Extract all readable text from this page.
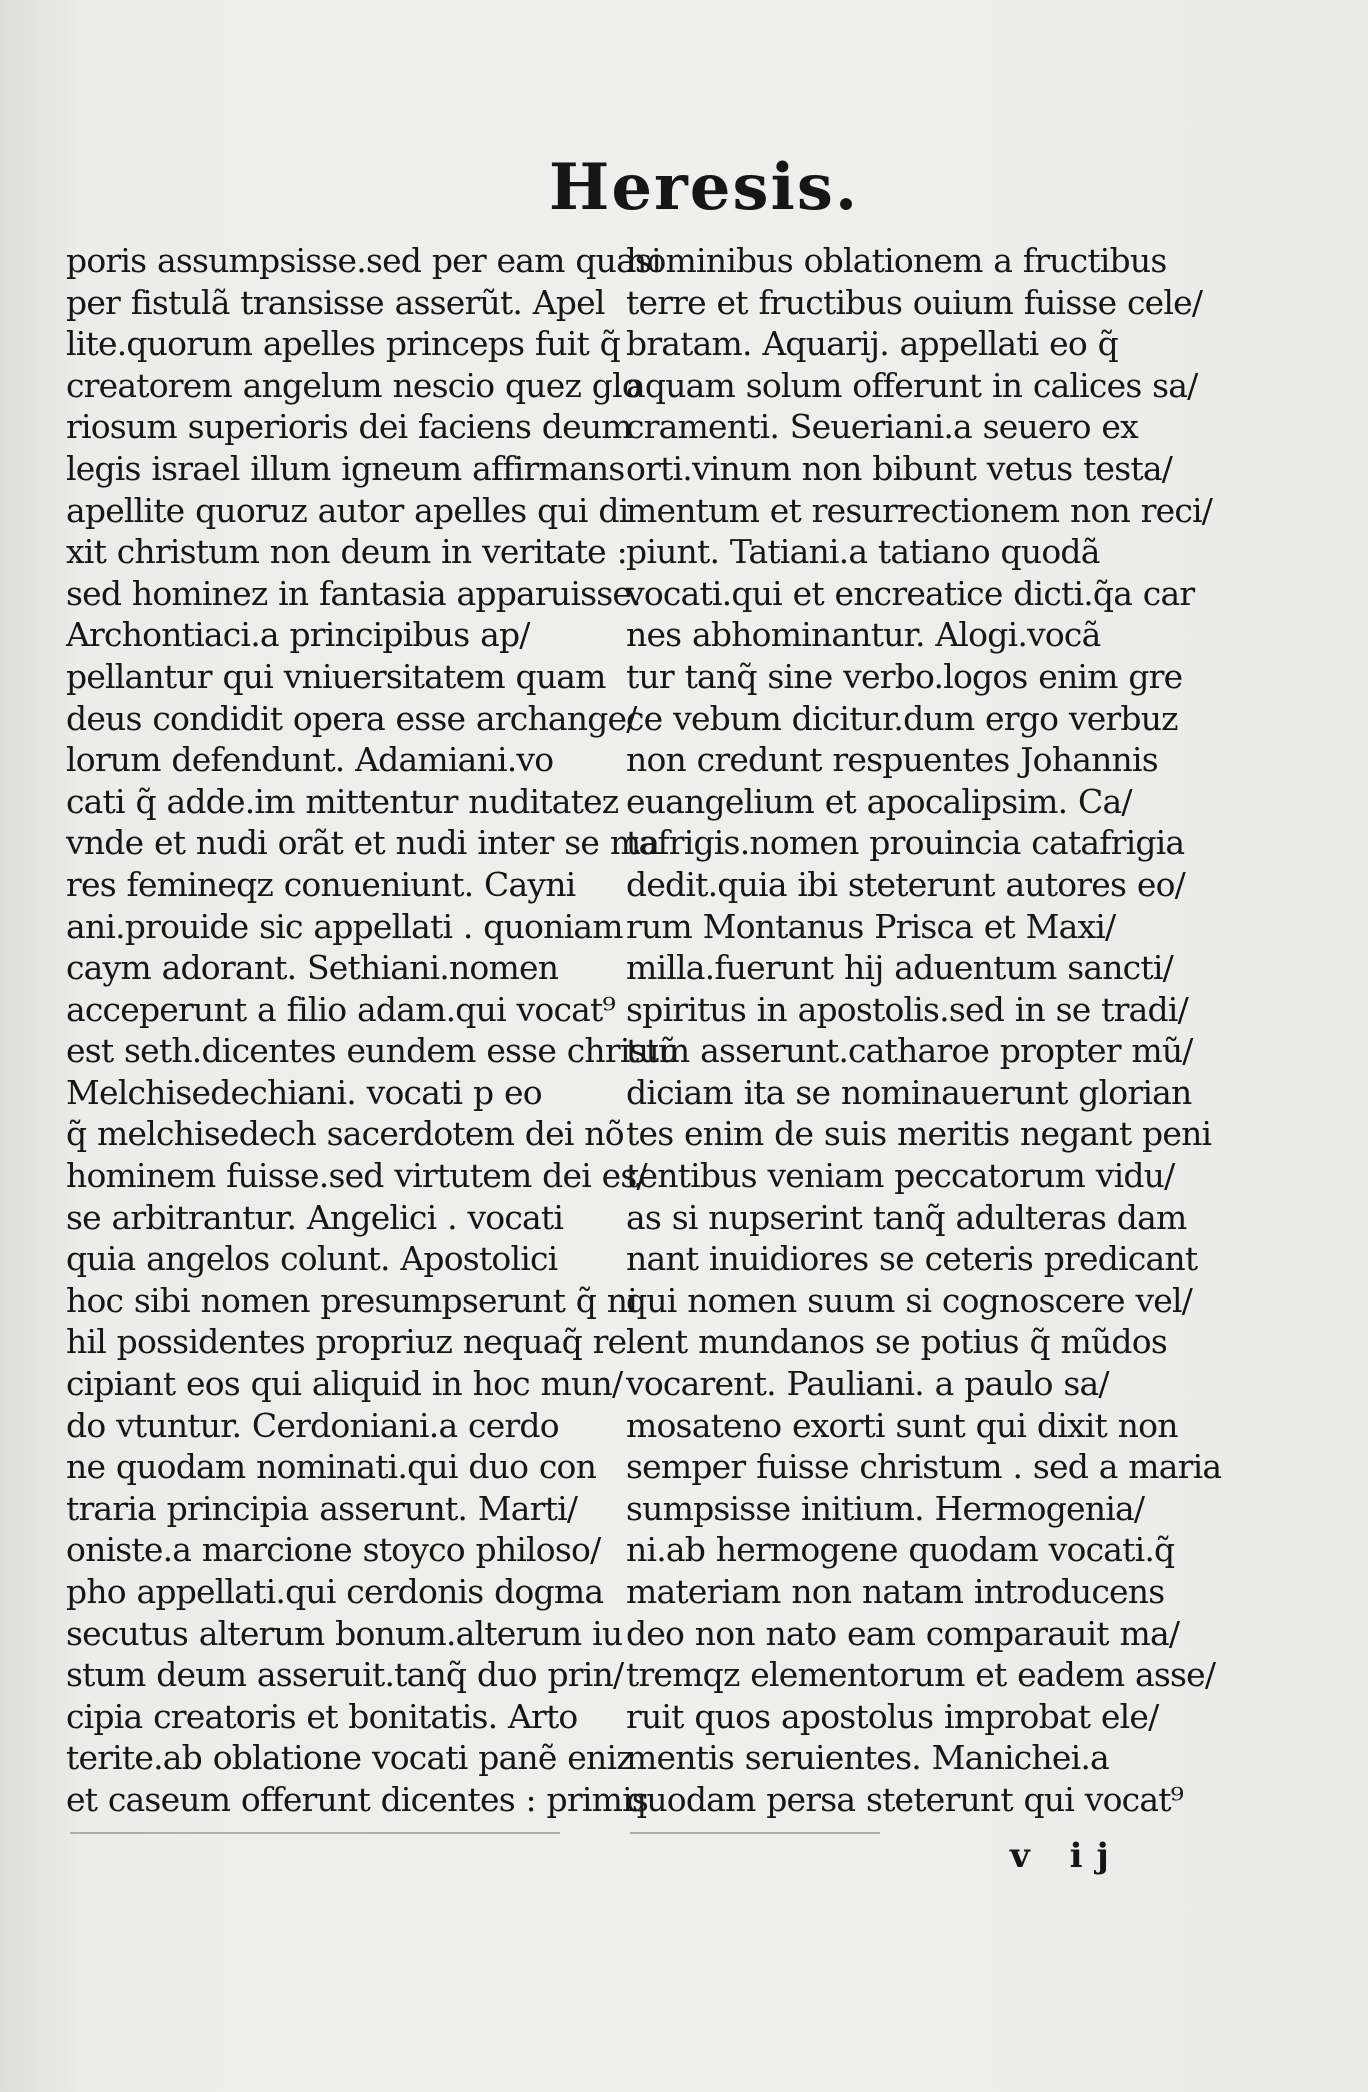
Heresis.
poris assumpsisse.sed per eam quasi
per fistulã transisse asserũt. Apel
lite.quorum apelles princeps fuit q̃
creatorem angelum nescio quez glo
riosum superioris dei faciens deum
legis israel illum igneum affirmans
apellite quoruz autor apelles qui di
xit christum non deum in veritate :
sed hominez in fantasia apparuisse.
Archontiaci.a principibus ap/
pellantur qui vniuersitatem quam
deus condidit opera esse archange/
lorum defendunt. Adamiani.vo
cati q̃ adde.im mittentur nuditatez
vnde et nudi orãt et nudi inter se ma
res femineqz conueniunt. Cayni
ani.prouide sic appellati . quoniam
caym adorant. Sethiani.nomen
acceperunt a filio adam.qui vocat⁹
est seth.dicentes eundem esse christũ
Melchisedechiani. vocati p eo
q̃ melchisedech sacerdotem dei nõ
hominem fuisse.sed virtutem dei es/
se arbitrantur. Angelici . vocati
quia angelos colunt. Apostolici
hoc sibi nomen presumpserunt q̃ ni
hil possidentes propriuz nequaq̃ re
cipiant eos qui aliquid in hoc mun/
do vtuntur. Cerdoniani.a cerdo
ne quodam nominati.qui duo con
traria principia asserunt. Marti/
oniste.a marcione stoyco philoso/
pho appellati.qui cerdonis dogma
secutus alterum bonum.alterum iu
stum deum asseruit.tanq̃ duo prin/
cipia creatoris et bonitatis. Arto
terite.ab oblatione vocati panẽ eniz
et caseum offerunt dicentes : primis
hominibus oblationem a fructibus
terre et fructibus ouium fuisse cele/
bratam. Aquarij. appellati eo q̃
aquam solum offerunt in calices sa/
cramenti. Seueriani.a seuero ex
orti.vinum non bibunt vetus testa/
mentum et resurrectionem non reci/
piunt. Tatiani.a tatiano quodã
vocati.qui et encreatice dicti.q̃a car
nes abhominantur. Alogi.vocã
tur tanq̃ sine verbo.logos enim gre
ce vebum dicitur.dum ergo verbuz
non credunt respuentes Johannis
euangelium et apocalipsim. Ca/
tafrigis.nomen prouincia catafrigia
dedit.quia ibi steterunt autores eo/
rum Montanus Prisca et Maxi/
milla.fuerunt hij aduentum sancti/
spiritus in apostolis.sed in se tradi/
tum asserunt.catharoe propter mũ/
diciam ita se nominauerunt glorian
tes enim de suis meritis negant peni
tentibus veniam peccatorum vidu/
as si nupserint tanq̃ adulteras dam
nant inuidiores se ceteris predicant
qui nomen suum si cognoscere vel/
lent mundanos se potius q̃ mũdos
vocarent. Pauliani. a paulo sa/
mosateno exorti sunt qui dixit non
semper fuisse christum . sed a maria
sumpsisse initium. Hermogenia/
ni.ab hermogene quodam vocati.q̃
materiam non natam introducens
deo non nato eam comparauit ma/
tremqz elementorum et eadem asse/
ruit quos apostolus improbat ele/
mentis seruientes. Manichei.a
quodam persa steterunt qui vocat⁹
v ij
